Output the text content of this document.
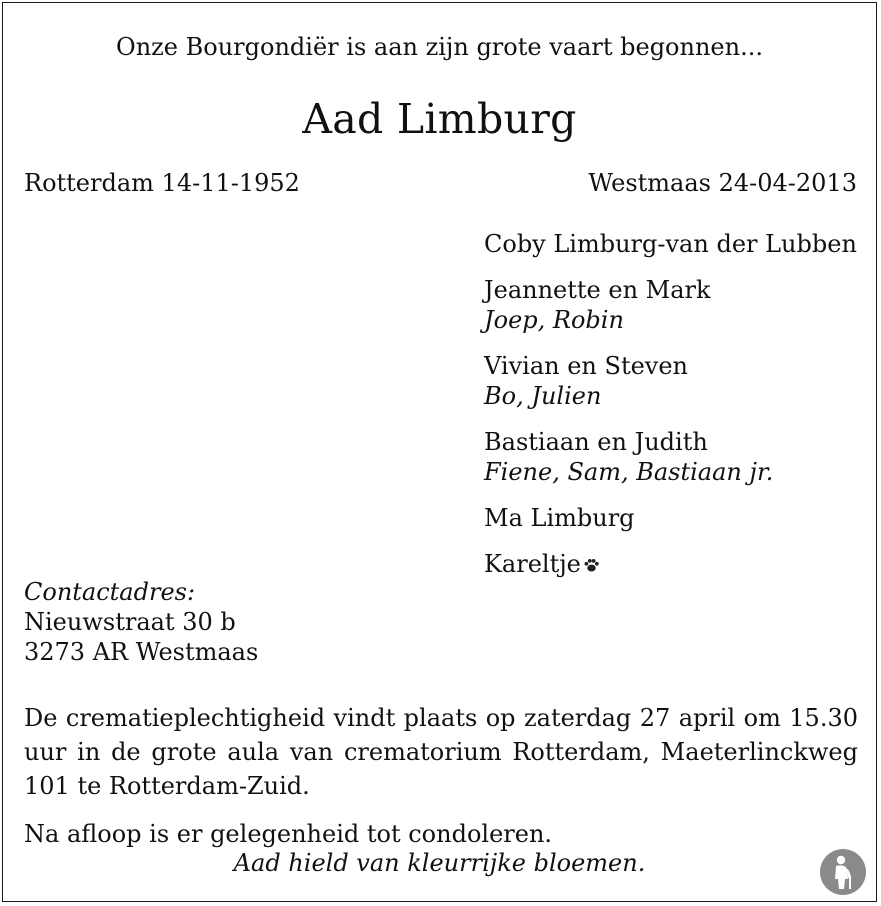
Onze Bourgondiër is aan zijn grote vaart begonnen...
Aad Limburg
Rotterdam 14-11-1952	Westmaas 24-04-2013
Coby Limburg-van der Lubben
Jeannette en Mark
Joep, Robin
Vivian en Steven
Bo, Julien
Bastiaan en Judith
Fiene, Sam, Bastiaan jr.
Ma Limburg
Kareltje
Contactadres:
Nieuwstraat 30 b
3273 AR Westmaas

De crematieplechtigheid vindt plaats op zaterdag 27 april om 15.30 uur in de grote aula van crematorium Rotterdam, Maeterlinckweg 101 te Rotterdam-Zuid.

Na afloop is er gelegenheid tot condoleren.

Aad hield van kleurrijke bloemen.
